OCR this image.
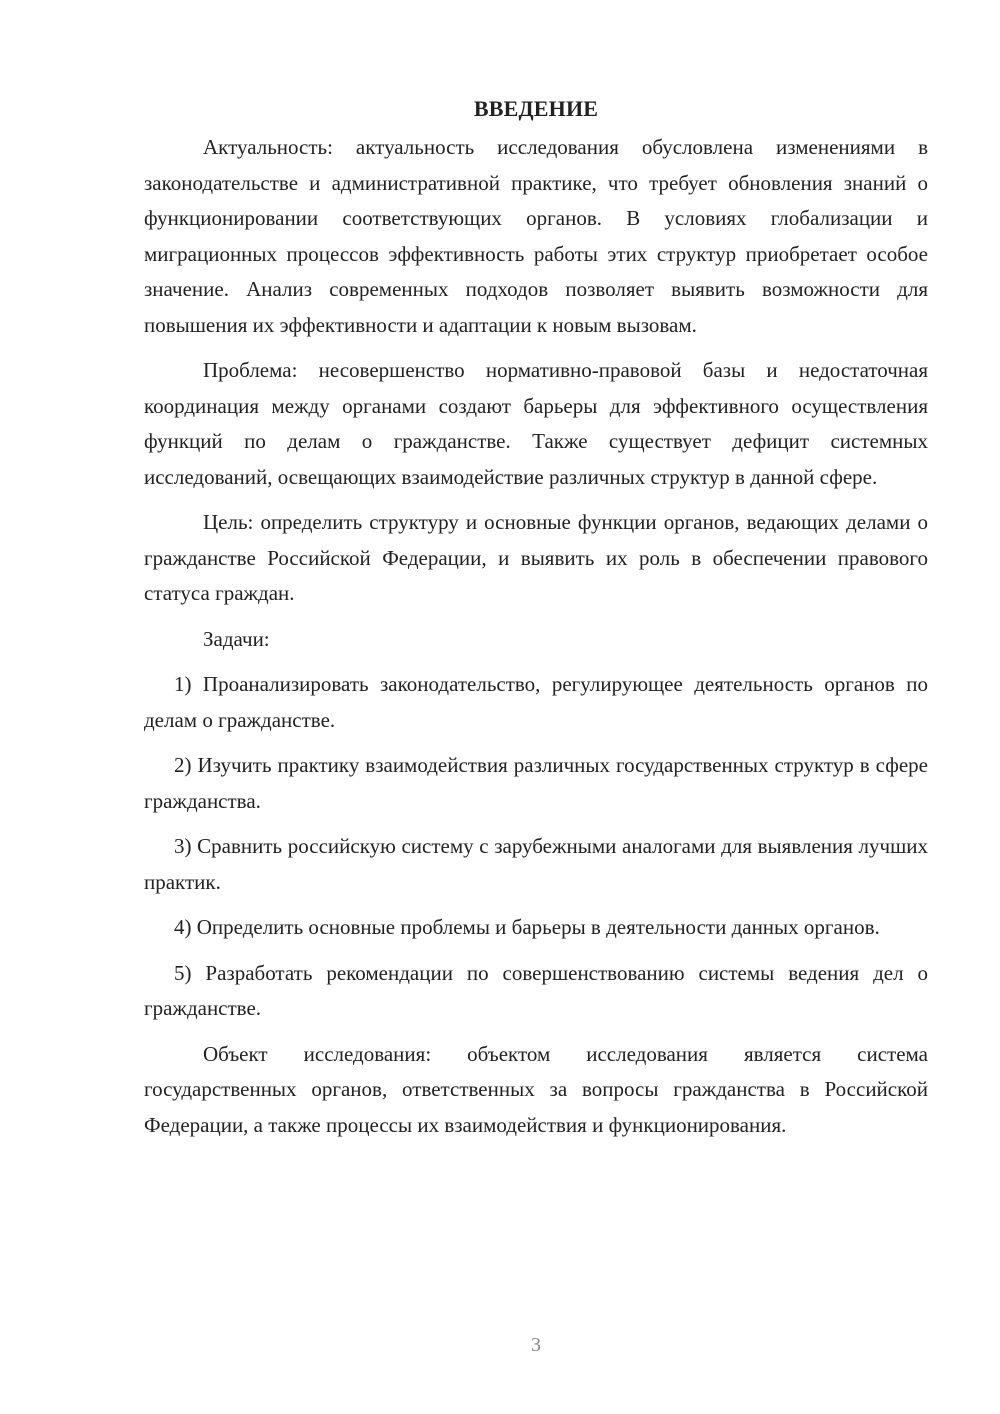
ВВЕДЕНИЕ

Актуальность: актуальность исследования обусловлена изменениями в законодательстве и административной практике, что требует обновления знаний о функционировании соответствующих органов. В условиях глобализации и миграционных процессов эффективность работы этих структур приобретает особое значение. Анализ современных подходов позволяет выявить возможности для повышения их эффективности и адаптации к новым вызовам.

Проблема: несовершенство нормативно-правовой базы и недостаточная координация между органами создают барьеры для эффективного осуществления функций по делам о гражданстве. Также существует дефицит системных исследований, освещающих взаимодействие различных структур в данной сфере.

Цель: определить структуру и основные функции органов, ведающих делами о гражданстве Российской Федерации, и выявить их роль в обеспечении правового статуса граждан.

Задачи:

1) Проанализировать законодательство, регулирующее деятельность органов по делам о гражданстве.

2) Изучить практику взаимодействия различных государственных структур в сфере гражданства.

3) Сравнить российскую систему с зарубежными аналогами для выявления лучших практик.

4) Определить основные проблемы и барьеры в деятельности данных органов.

5) Разработать рекомендации по совершенствованию системы ведения дел о гражданстве.

Объект исследования: объектом исследования является система государственных органов, ответственных за вопросы гражданства в Российской Федерации, а также процессы их взаимодействия и функционирования.

3
